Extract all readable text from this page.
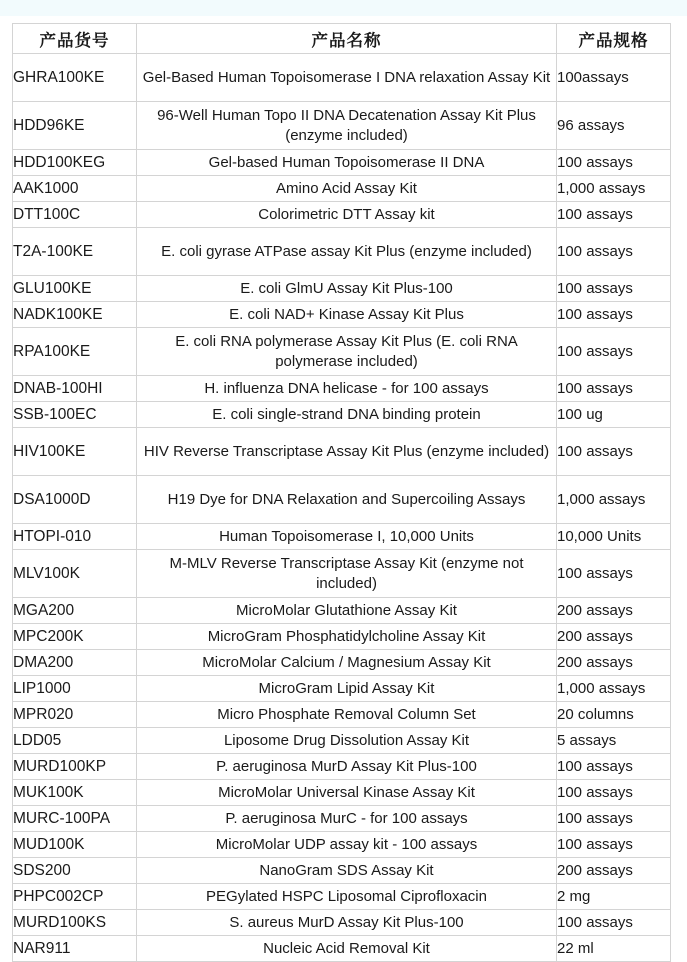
产品货号	产品名称	产品规格
GHRA100KE	Gel-Based Human Topoisomerase I DNA relaxation Assay Kit	100assays
HDD96KE	96-Well Human Topo II DNA Decatenation Assay Kit Plus (enzyme included)	96 assays
HDD100KEG	Gel-based Human Topoisomerase II DNA	100 assays
AAK1000	Amino Acid Assay Kit	1,000 assays
DTT100C	Colorimetric DTT Assay kit	100 assays
T2A-100KE	E. coli gyrase ATPase assay Kit Plus (enzyme included)	100 assays
GLU100KE	E. coli GlmU Assay Kit Plus-100	100 assays
NADK100KE	E. coli NAD+ Kinase Assay Kit Plus	100 assays
RPA100KE	E. coli RNA polymerase Assay Kit Plus (E. coli RNA polymerase included)	100 assays
DNAB-100HI	H. influenza DNA helicase - for 100 assays	100 assays
SSB-100EC	E. coli single-strand DNA binding protein	100 ug
HIV100KE	HIV Reverse Transcriptase Assay Kit Plus (enzyme included)	100 assays
DSA1000D	H19 Dye for DNA Relaxation and Supercoiling Assays	1,000 assays
HTOPI-010	Human Topoisomerase I, 10,000 Units	10,000 Units
MLV100K	M-MLV Reverse Transcriptase Assay Kit (enzyme not included)	100 assays
MGA200	MicroMolar Glutathione Assay Kit	200 assays
MPC200K	MicroGram Phosphatidylcholine Assay Kit	200 assays
DMA200	MicroMolar Calcium / Magnesium Assay Kit	200 assays
LIP1000	MicroGram Lipid Assay Kit	1,000 assays
MPR020	Micro Phosphate Removal Column Set	20 columns
LDD05	Liposome Drug Dissolution Assay Kit	5 assays
MURD100KP	P. aeruginosa MurD Assay Kit Plus-100	100 assays
MUK100K	MicroMolar Universal Kinase Assay Kit	100 assays
MURC-100PA	P. aeruginosa MurC - for 100 assays	100 assays
MUD100K	MicroMolar UDP assay kit - 100 assays	100 assays
SDS200	NanoGram SDS Assay Kit	200 assays
PHPC002CP	PEGylated HSPC Liposomal Ciprofloxacin	2 mg
MURD100KS	S. aureus MurD Assay Kit Plus-100	100 assays
NAR911	Nucleic Acid Removal Kit	22 ml
